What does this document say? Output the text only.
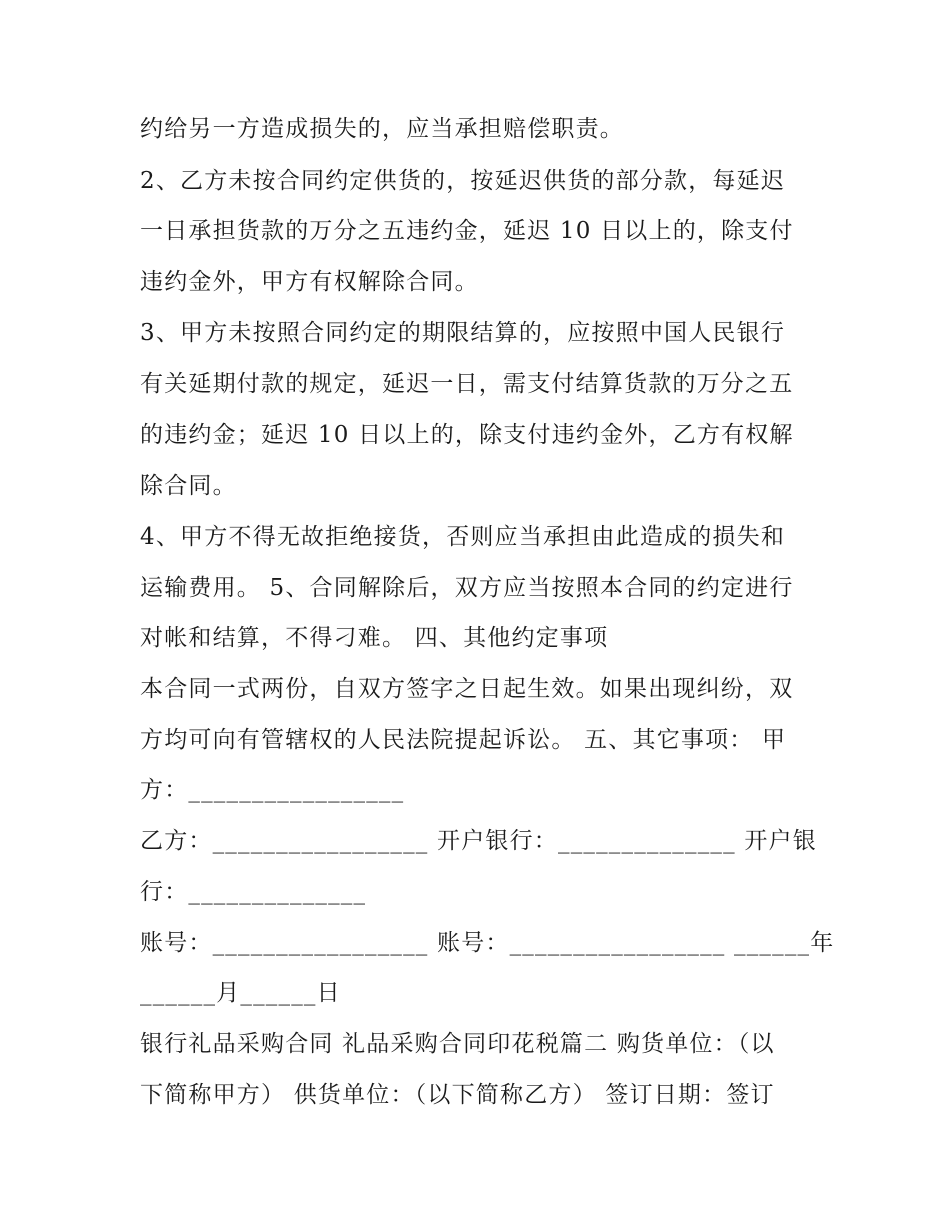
约给另一方造成损失的，应当承担赔偿职责。
2、乙方未按合同约定供货的，按延迟供货的部分款，每延迟
一日承担货款的万分之五违约金，延迟 10 日以上的，除支付
违约金外，甲方有权解除合同。
3、甲方未按照合同约定的期限结算的，应按照中国人民银行
有关延期付款的规定，延迟一日，需支付结算货款的万分之五
的违约金；延迟 10 日以上的，除支付违约金外，乙方有权解
除合同。
4、甲方不得无故拒绝接货，否则应当承担由此造成的损失和
运输费用。 5、合同解除后，双方应当按照本合同的约定进行
对帐和结算，不得刁难。 四、其他约定事项
本合同一式两份，自双方签字之日起生效。如果出现纠纷，双
方均可向有管辖权的人民法院提起诉讼。 五、其它事项： 甲
方：_________________
乙方：_________________ 开户银行：______________ 开户银
行：______________
账号：_________________ 账号：_________________ ______年
______月______日
银行礼品采购合同 礼品采购合同印花税篇二 购货单位：（以
下简称甲方） 供货单位：（以下简称乙方） 签订日期：签订
